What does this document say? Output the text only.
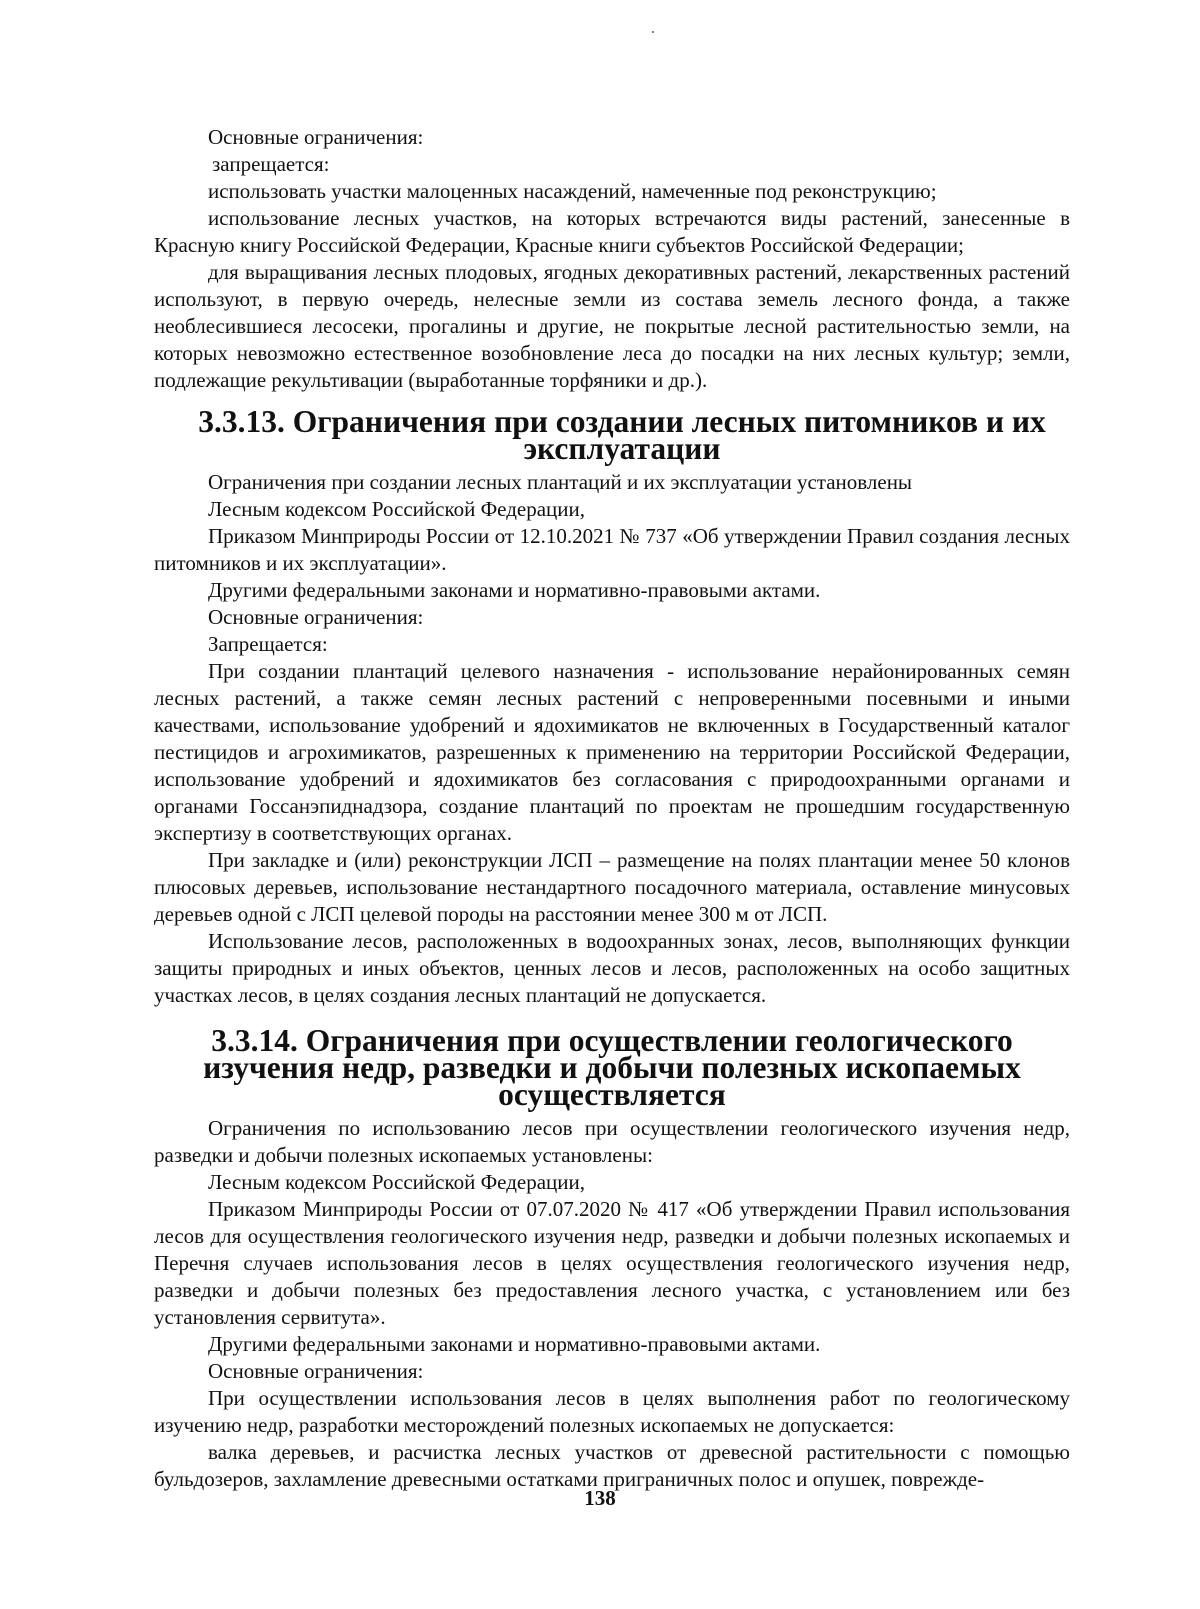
Основные ограничения:

запрещается:

использовать участки малоценных насаждений, намеченные под реконструкцию;

использование лесных участков, на которых встречаются виды растений, занесенные в Красную книгу Российской Федерации, Красные книги субъектов Российской Федерации;

для выращивания лесных плодовых, ягодных декоративных растений, лекарственных растений используют, в первую очередь, нелесные земли из состава земель лесного фонда, а также необлесившиеся лесосеки, прогалины и другие, не покрытые лесной растительностью земли, на которых невозможно естественное возобновление леса до посадки на них лесных культур; земли, подлежащие рекультивации (выработанные торфяники и др.).

3.3.13. Ограничения при создании лесных питомников и их эксплуатации

Ограничения при создании лесных плантаций и их эксплуатации установлены

Лесным кодексом Российской Федерации,

Приказом Минприроды России от 12.10.2021 № 737 «Об утверждении Правил создания лесных питомников и их эксплуатации».

Другими федеральными законами и нормативно-правовыми актами.

Основные ограничения:

Запрещается:

При создании плантаций целевого назначения - использование нерайонированных семян лесных растений, а также семян лесных растений с непроверенными посевными и иными качествами, использование удобрений и ядохимикатов не включенных в Государственный каталог пестицидов и агрохимикатов, разрешенных к применению на территории Российской Федерации, использование удобрений и ядохимикатов без согласования с природоохранными органами и органами Госсанэпиднадзора, создание плантаций по проектам не прошедшим государственную экспертизу в соответствующих органах.

При закладке и (или) реконструкции ЛСП – размещение на полях плантации менее 50 клонов плюсовых деревьев, использование нестандартного посадочного материала, оставление минусовых деревьев одной с ЛСП целевой породы на расстоянии менее 300 м от ЛСП.

Использование лесов, расположенных в водоохранных зонах, лесов, выполняющих функции защиты природных и иных объектов, ценных лесов и лесов, расположенных на особо защитных участках лесов, в целях создания лесных плантаций не допускается.

3.3.14. Ограничения при осуществлении геологического изучения недр, разведки и добычи полезных ископаемых осуществляется

Ограничения по использованию лесов при осуществлении геологического изучения недр, разведки и добычи полезных ископаемых установлены:

Лесным кодексом Российской Федерации,

Приказом Минприроды России от 07.07.2020 № 417 «Об утверждении Правил использования лесов для осуществления геологического изучения недр, разведки и добычи полезных ископаемых и Перечня случаев использования лесов в целях осуществления геологического изучения недр, разведки и добычи полезных без предоставления лесного участка, с установлением или без установления сервитута».

Другими федеральными законами и нормативно-правовыми актами.

Основные ограничения:

При осуществлении использования лесов в целях выполнения работ по геологическому изучению недр, разработки месторождений полезных ископаемых не допускается:

валка деревьев, и расчистка лесных участков от древесной растительности с помощью бульдозеров, захламление древесными остатками приграничных полос и опушек, поврежде-

138
